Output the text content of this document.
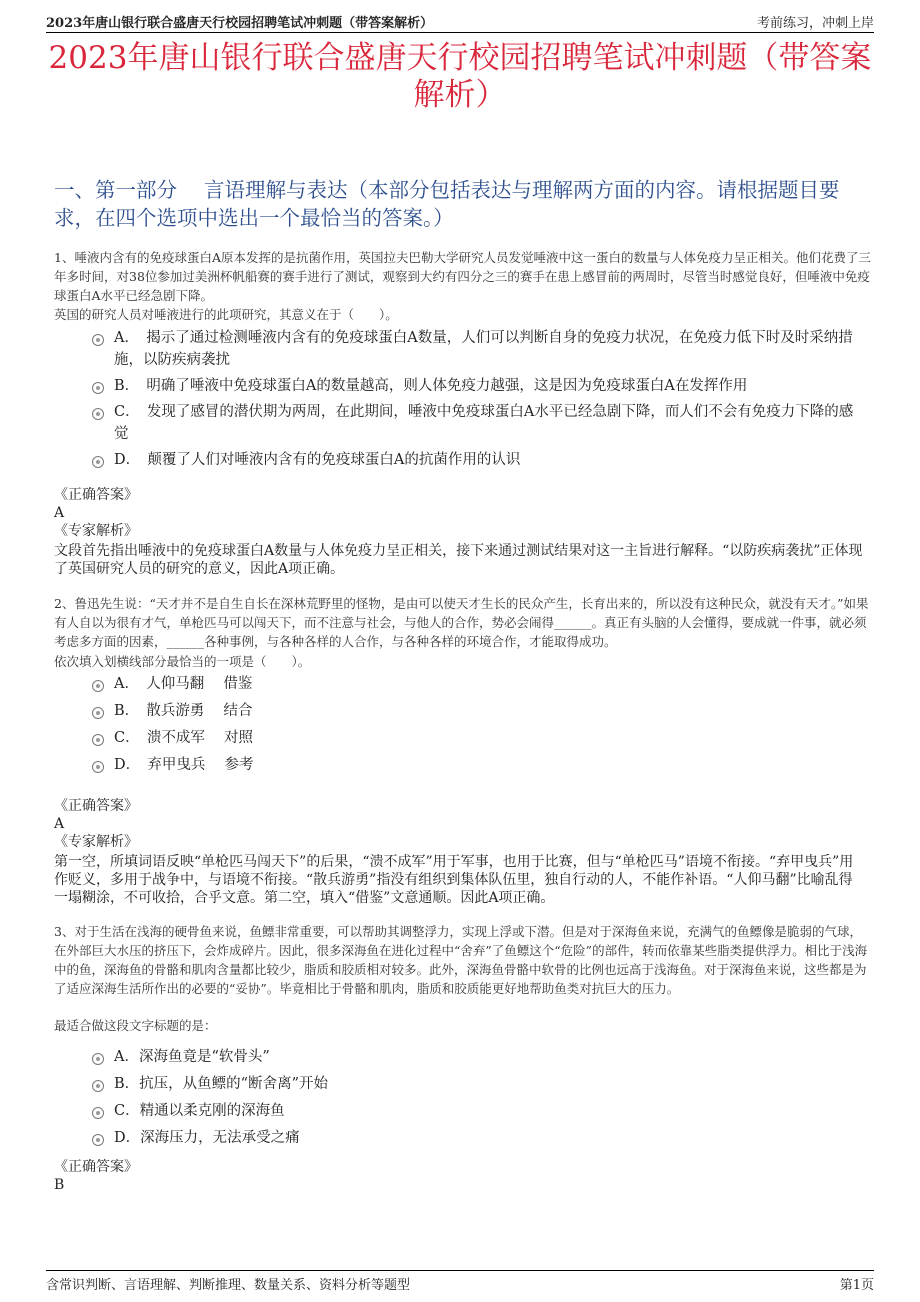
2023年唐山银行联合盛唐天行校园招聘笔试冲刺题（带答案解析）	考前练习，冲刺上岸
2023年唐山银行联合盛唐天行校园招聘笔试冲刺题（带答案解析）
一、第一部分　 言语理解与表达（本部分包括表达与理解两方面的内容。请根据题目要求，在四个选项中选出一个最恰当的答案。）
1、唾液内含有的免疫球蛋白A原本发挥的是抗菌作用，英国拉夫巴勒大学研究人员发觉唾液中这一蛋白的数量与人体免疫力呈正相关。他们花费了三年多时间，对38位参加过美洲杯帆船赛的赛手进行了测试，观察到大约有四分之三的赛手在患上感冒前的两周时，尽管当时感觉良好，但唾液中免疫球蛋白A水平已经急剧下降。
英国的研究人员对唾液进行的此项研究，其意义在于（　　）。
A．　揭示了通过检测唾液内含有的免疫球蛋白A数量，人们可以判断自身的免疫力状况，在免疫力低下时及时采纳措施，以防疾病袭扰
B．　明确了唾液中免疫球蛋白A的数量越高，则人体免疫力越强，这是因为免疫球蛋白A在发挥作用
C．　发现了感冒的潜伏期为两周，在此期间，唾液中免疫球蛋白A水平已经急剧下降，而人们不会有免疫力下降的感觉
D．　颠覆了人们对唾液内含有的免疫球蛋白A的抗菌作用的认识
《正确答案》
A
《专家解析》
文段首先指出唾液中的免疫球蛋白A数量与人体免疫力呈正相关，接下来通过测试结果对这一主旨进行解释。“以防疾病袭扰”正体现了英国研究人员的研究的意义，因此A项正确。
2、鲁迅先生说：“天才并不是自生自长在深林荒野里的怪物，是由可以使天才生长的民众产生，长育出来的，所以没有这种民众，就没有天才。”如果有人自以为很有才气，单枪匹马可以闯天下，而不注意与社会，与他人的合作，势必会闹得______。真正有头脑的人会懂得，要成就一件事，就必须考虑多方面的因素，______各种事例，与各种各样的人合作，与各种各样的环境合作，才能取得成功。
依次填入划横线部分最恰当的一项是（　　）。
A．　人仰马翻　 借鉴
B．　散兵游勇　 结合
C．　溃不成军　 对照
D．　弃甲曳兵　 参考
《正确答案》
A
《专家解析》
第一空，所填词语反映“单枪匹马闯天下”的后果，“溃不成军”用于军事，也用于比赛，但与“单枪匹马”语境不衔接。“弃甲曳兵”用作贬义，多用于战争中，与语境不衔接。“散兵游勇”指没有组织到集体队伍里，独自行动的人，不能作补语。“人仰马翻”比喻乱得一塌糊涂，不可收拾，合乎文意。第二空，填入“借鉴”文意通顺。因此A项正确。
3、对于生活在浅海的硬骨鱼来说，鱼鳔非常重要，可以帮助其调整浮力，实现上浮或下潜。但是对于深海鱼来说，充满气的鱼鳔像是脆弱的气球，在外部巨大水压的挤压下，会炸成碎片。因此，很多深海鱼在进化过程中“舍弃”了鱼鳔这个“危险”的部件，转而依靠某些脂类提供浮力。相比于浅海中的鱼，深海鱼的骨骼和肌肉含量都比较少，脂质和胶质相对较多。此外，深海鱼骨骼中软骨的比例也远高于浅海鱼。对于深海鱼来说，这些都是为了适应深海生活所作出的必要的“妥协”。毕竟相比于骨骼和肌肉，脂质和胶质能更好地帮助鱼类对抗巨大的压力。
最适合做这段文字标题的是：
A．深海鱼竟是“软骨头”
B．抗压，从鱼鳔的“断舍离”开始
C．精通以柔克刚的深海鱼
D．深海压力，无法承受之痛
《正确答案》
B
含常识判断、言语理解、判断推理、数量关系、资料分析等题型	第1页
